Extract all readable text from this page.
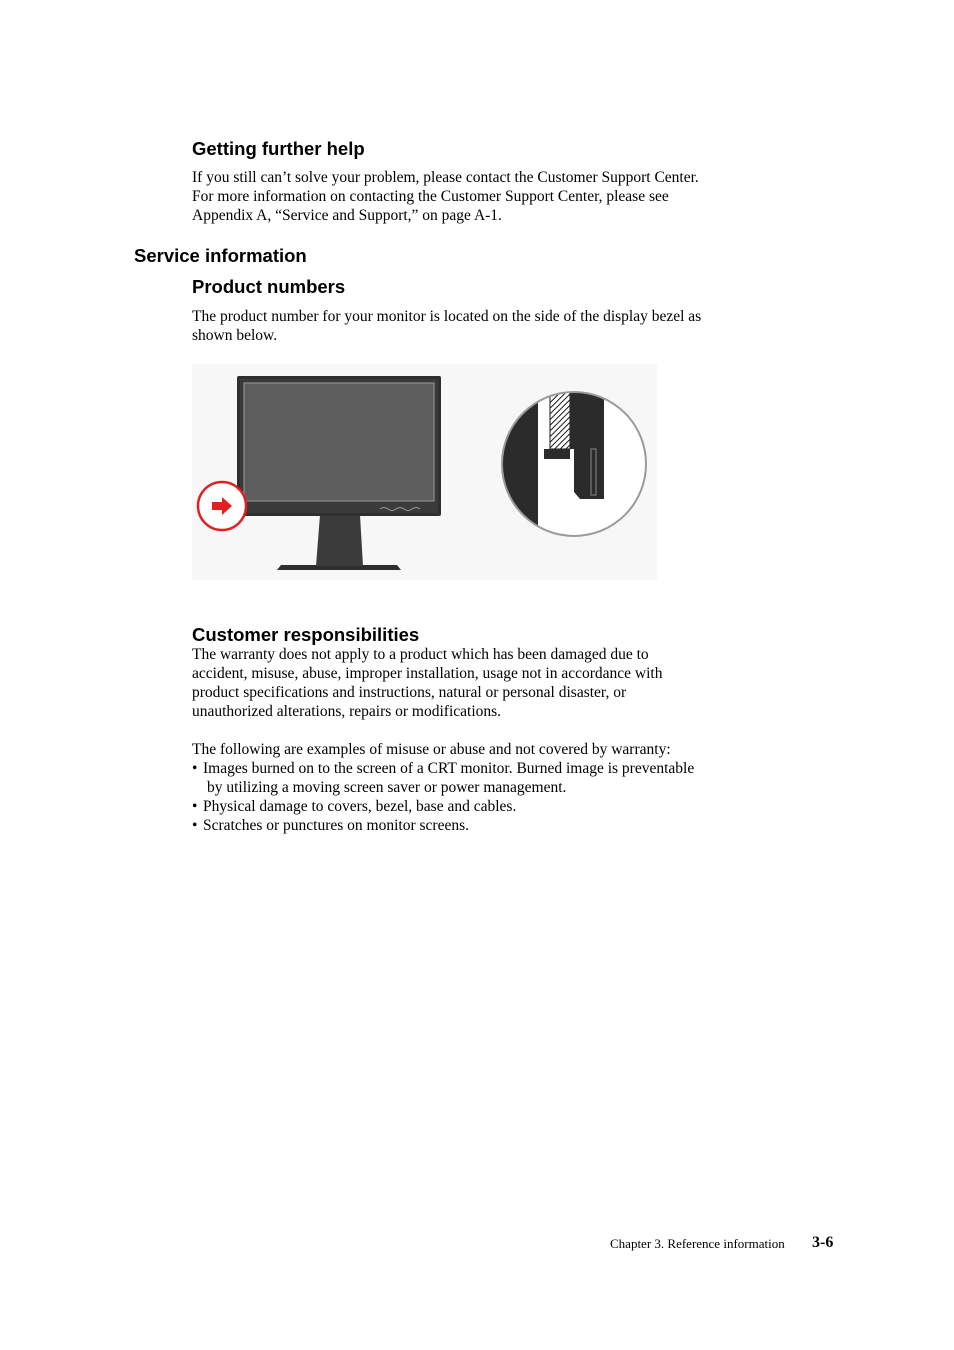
Getting further help
If you still can’t solve your problem, please contact the Customer Support Center.
For more information on contacting the Customer Support Center, please see
Appendix A, “Service and Support,” on page A-1.
Service information
Product numbers
The product number for your monitor is located on the side of the display bezel as
shown below.
Customer responsibilities
The warranty does not apply to a product which has been damaged due to
accident, misuse, abuse, improper installation, usage not in accordance with
product specifications and instructions, natural or personal disaster, or
unauthorized alterations, repairs or modifications.
The following are examples of misuse or abuse and not covered by warranty:
• Images burned on to the screen of a CRT monitor. Burned image is preventable
by utilizing a moving screen saver or power management.
• Physical damage to covers, bezel, base and cables.
• Scratches or punctures on monitor screens.
Chapter 3. Reference information 3-6
